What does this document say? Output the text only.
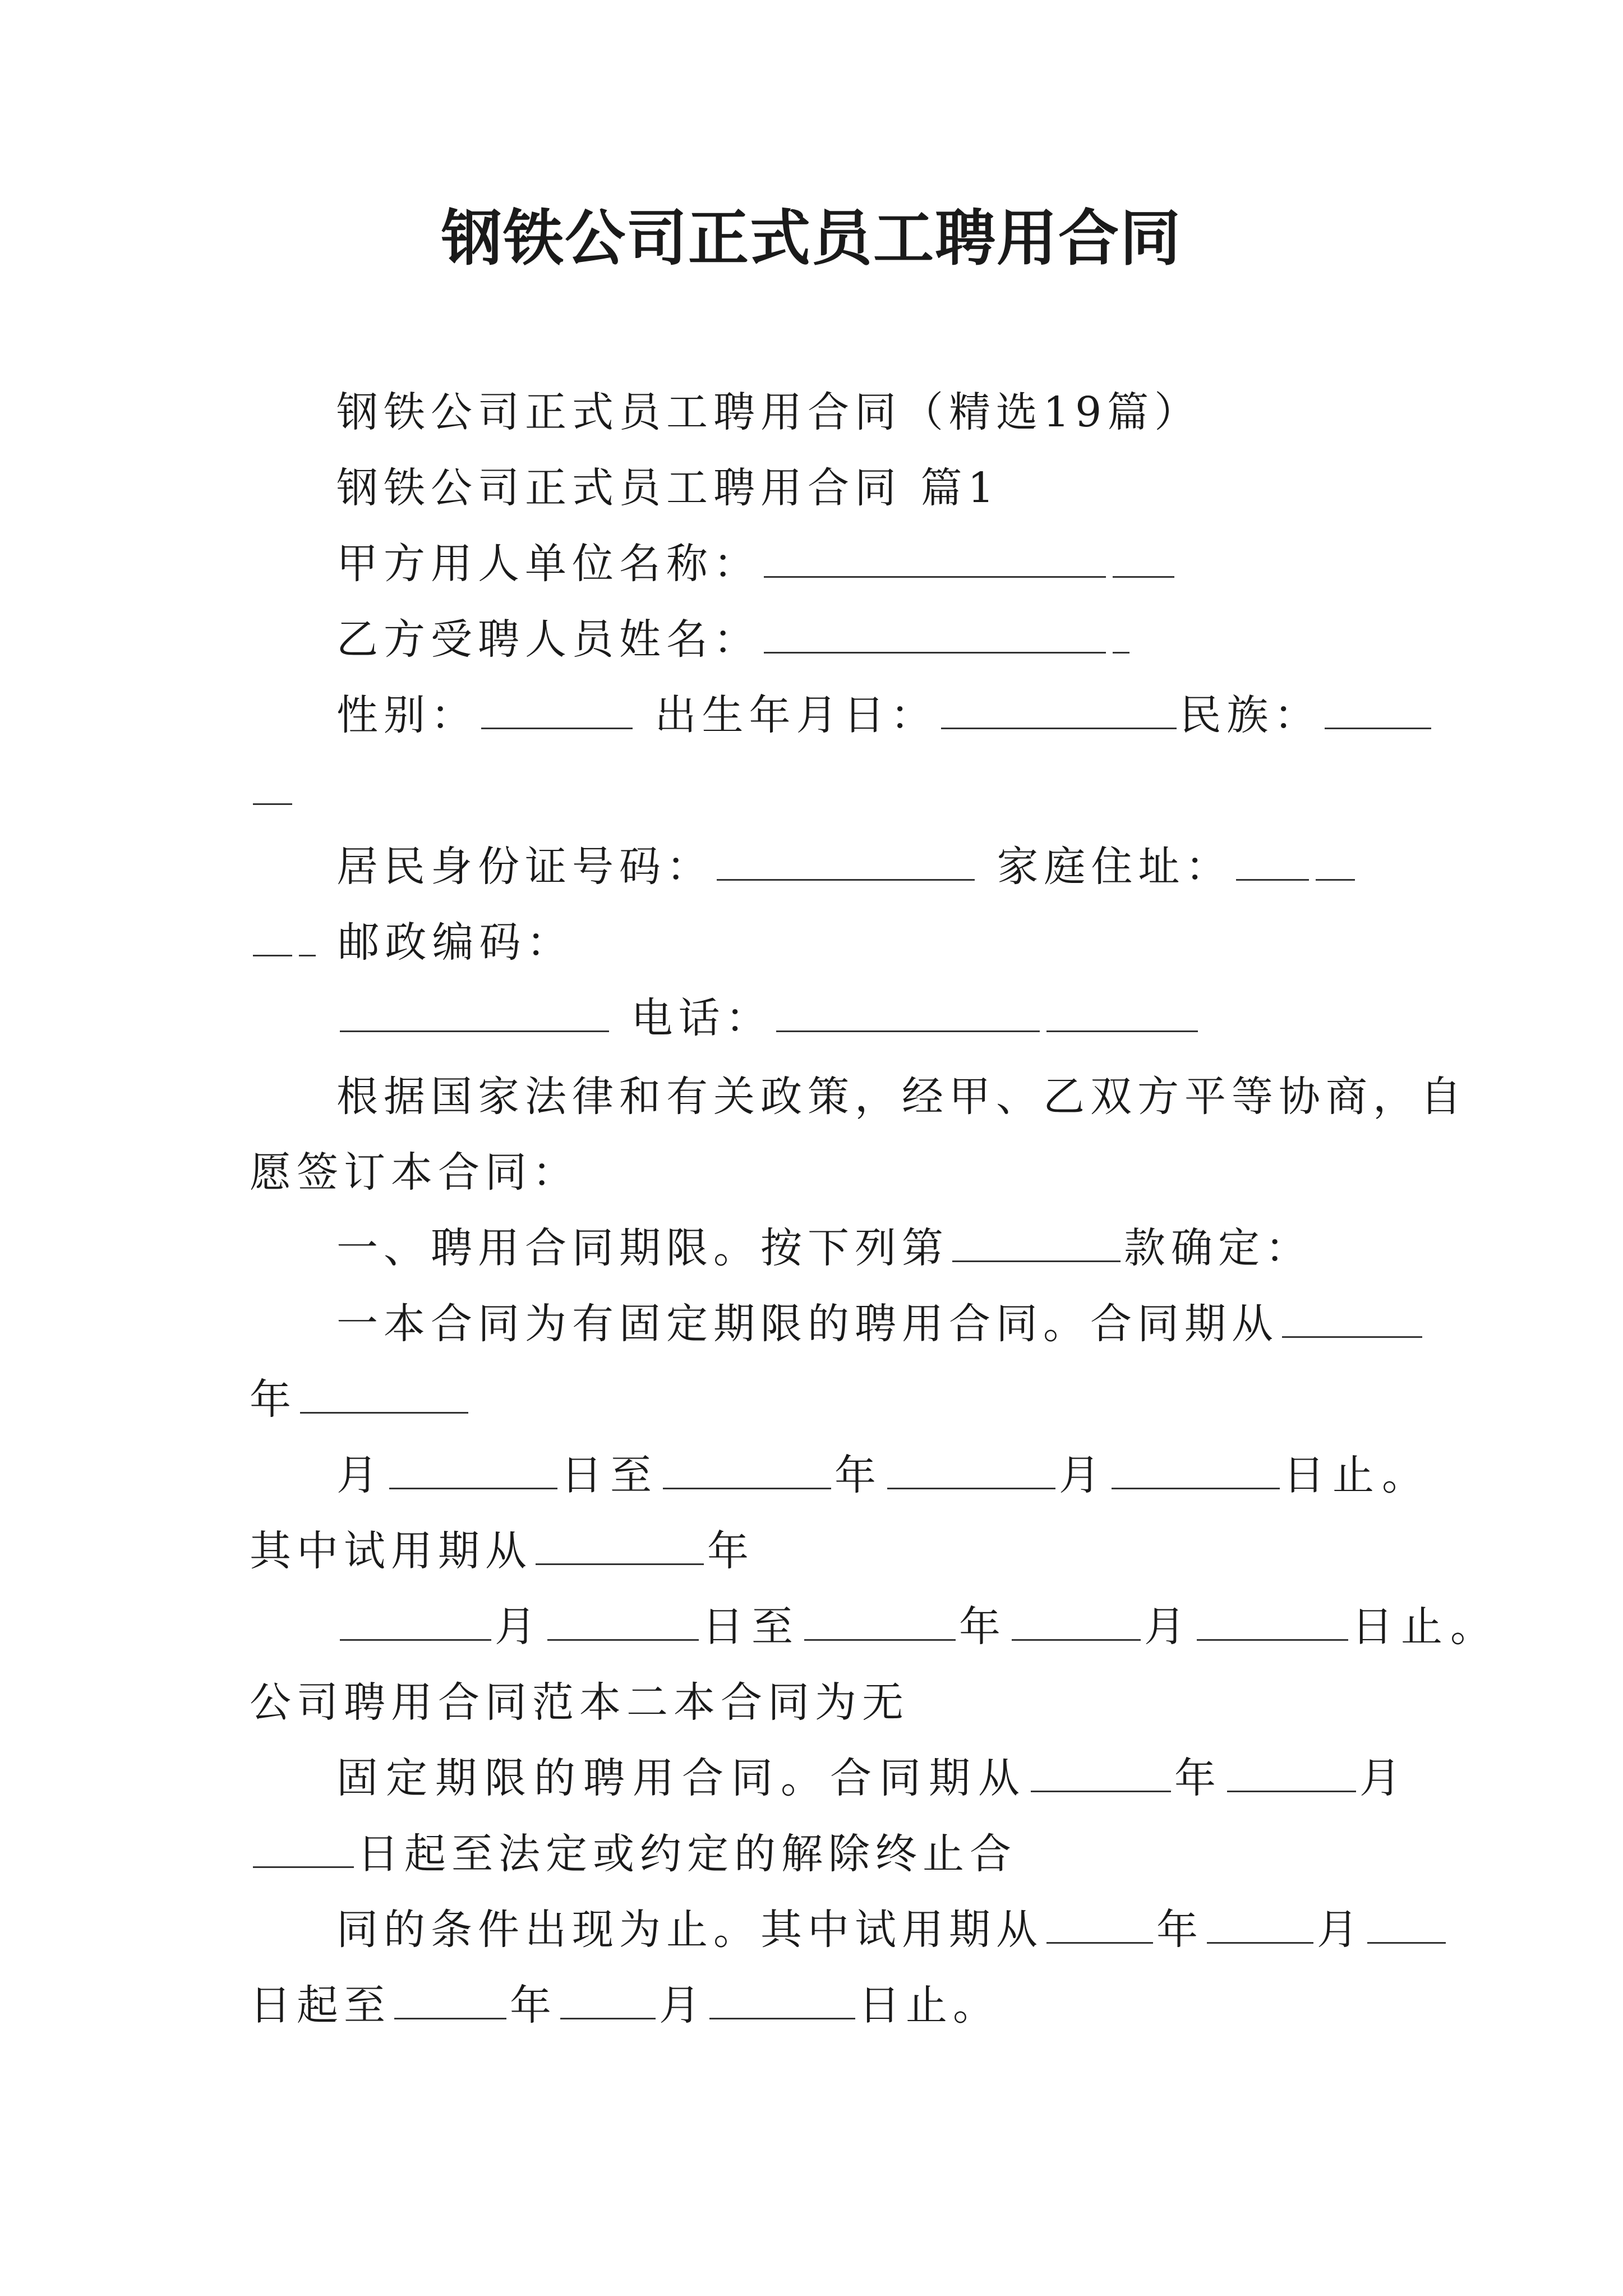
钢铁公司正式员工聘用合同
钢铁公司正式员工聘用合同（精选19篇）
钢铁公司正式员工聘用合同 篇1
甲方用人单位名称：
乙方受聘人员姓名：
性别：	出生年月日：	民族：
居民身份证号码：	家庭住址：
邮政编码：
电话：
根据国家法律和有关政策，经甲、乙双方平等协商，自
愿签订本合同：
一、聘用合同期限。按下列第	款确定：
一本合同为有固定期限的聘用合同。合同期从
年
月	日至	年	月	日止。
其中试用期从	年
月	日至	年	月	日止。
公司聘用合同范本二本合同为无
固定期限的聘用合同。合同期从	年	月
日起至法定或约定的解除终止合
同的条件出现为止。其中试用期从	年	月
日起至	年 月	日止。
